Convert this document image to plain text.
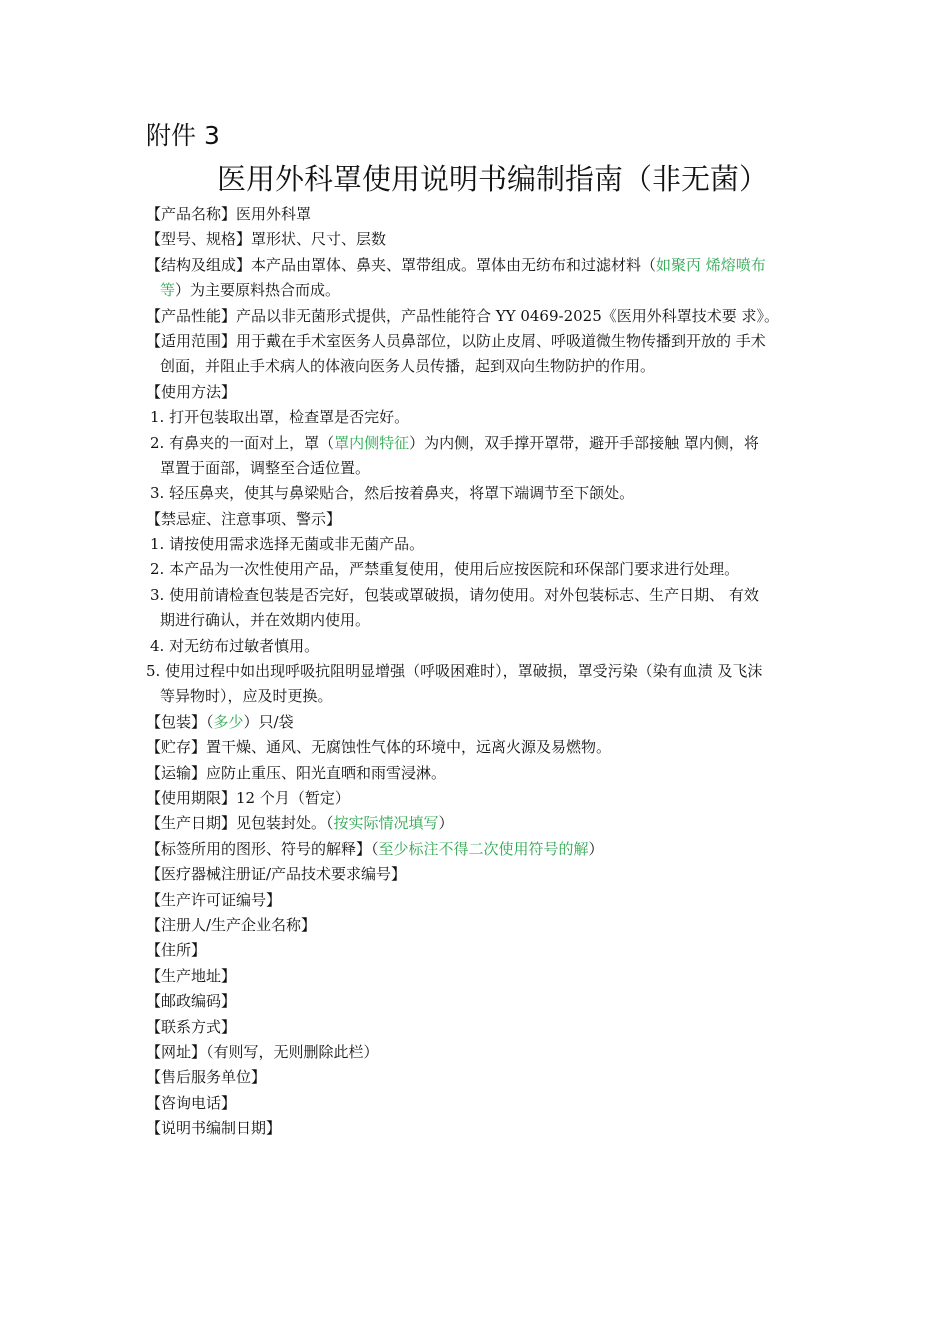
附件 3
医用外科罩使用说明书编制指南（非无菌）
【产品名称】医用外科罩
【型号、规格】罩形状、尺寸、层数
【结构及组成】本产品由罩体、鼻夹、罩带组成。罩体由无纺布和过滤材料（如聚丙 烯熔喷布
等）为主要原料热合而成。
【产品性能】产品以非无菌形式提供，产品性能符合 YY 0469-2025《医用外科罩技术要 求》。
【适用范围】用于戴在手术室医务人员鼻部位，以防止皮屑、呼吸道微生物传播到开放的 手术
创面，并阻止手术病人的体液向医务人员传播，起到双向生物防护的作用。
【使用方法】
1. 打开包装取出罩，检查罩是否完好。
2. 有鼻夹的一面对上，罩（罩内侧特征）为内侧，双手撑开罩带，避开手部接触 罩内侧，将
罩置于面部，调整至合适位置。
3. 轻压鼻夹，使其与鼻梁贴合，然后按着鼻夹，将罩下端调节至下颌处。
【禁忌症、注意事项、警示】
1. 请按使用需求选择无菌或非无菌产品。
2. 本产品为一次性使用产品，严禁重复使用，使用后应按医院和环保部门要求进行处理。
3. 使用前请检查包装是否完好，包装或罩破损，请勿使用。对外包装标志、生产日期、 有效
期进行确认，并在效期内使用。
4. 对无纺布过敏者慎用。
5. 使用过程中如出现呼吸抗阻明显增强（呼吸困难时），罩破损，罩受污染（染有血渍 及飞沫
等异物时），应及时更换。
【包装】（多少）只/袋
【贮存】置干燥、通风、无腐蚀性气体的环境中，远离火源及易燃物。
【运输】应防止重压、阳光直晒和雨雪浸淋。
【使用期限】12 个月（暂定）
【生产日期】见包装封处。（按实际情况填写）
【标签所用的图形、符号的解释】（至少标注不得二次使用符号的解）
【医疗器械注册证/产品技术要求编号】
【生产许可证编号】
【注册人/生产企业名称】
【住所】
【生产地址】
【邮政编码】
【联系方式】
【网址】（有则写，无则删除此栏）
【售后服务单位】
【咨询电话】
【说明书编制日期】
